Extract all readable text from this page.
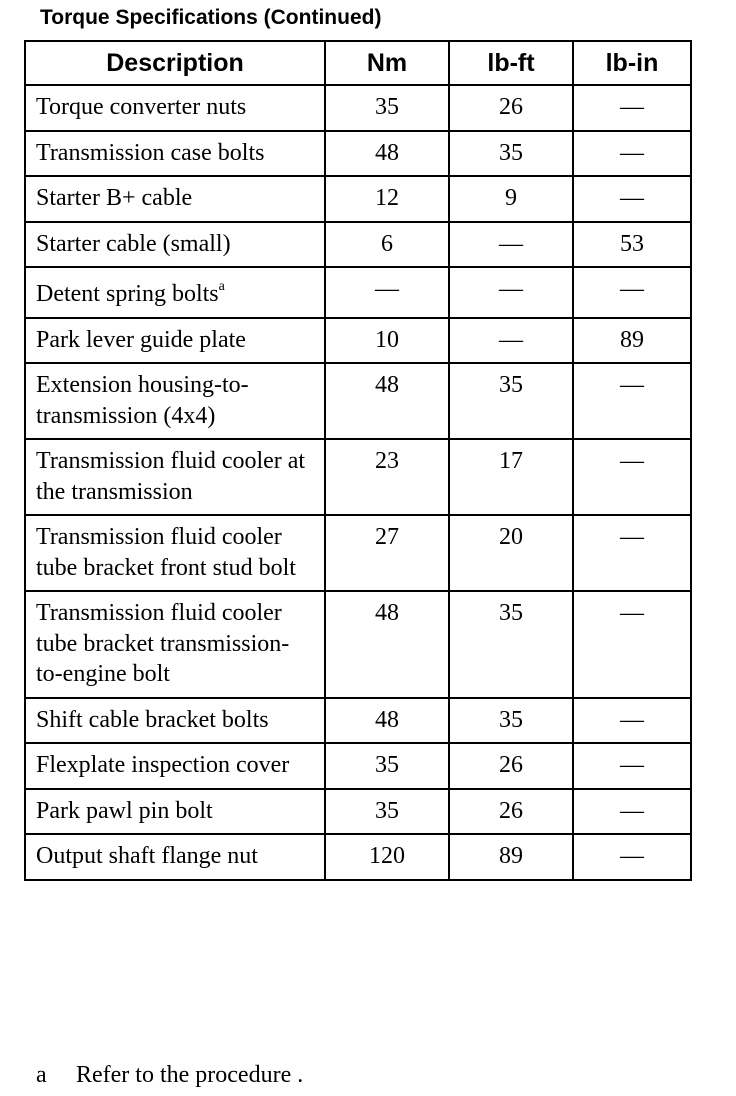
Torque Specifications (Continued)
Description	Nm	lb-ft	lb-in
Torque converter nuts	35	26	—
Transmission case bolts	48	35	—
Starter B+ cable	12	9	—
Starter cable (small)	6	—	53
Detent spring bolts$^a$	—	—	—
Park lever guide plate	10	—	89
Extension housing-to-transmission (4x4)	48	35	—
Transmission fluid cooler at the transmission	23	17	—
Transmission fluid cooler tube bracket front stud bolt	27	20	—
Transmission fluid cooler tube bracket transmission-to-engine bolt	48	35	—
Shift cable bracket bolts	48	35	—
Flexplate inspection cover	35	26	—
Park pawl pin bolt	35	26	—
Output shaft flange nut	120	89	—
a Refer to the procedure .
